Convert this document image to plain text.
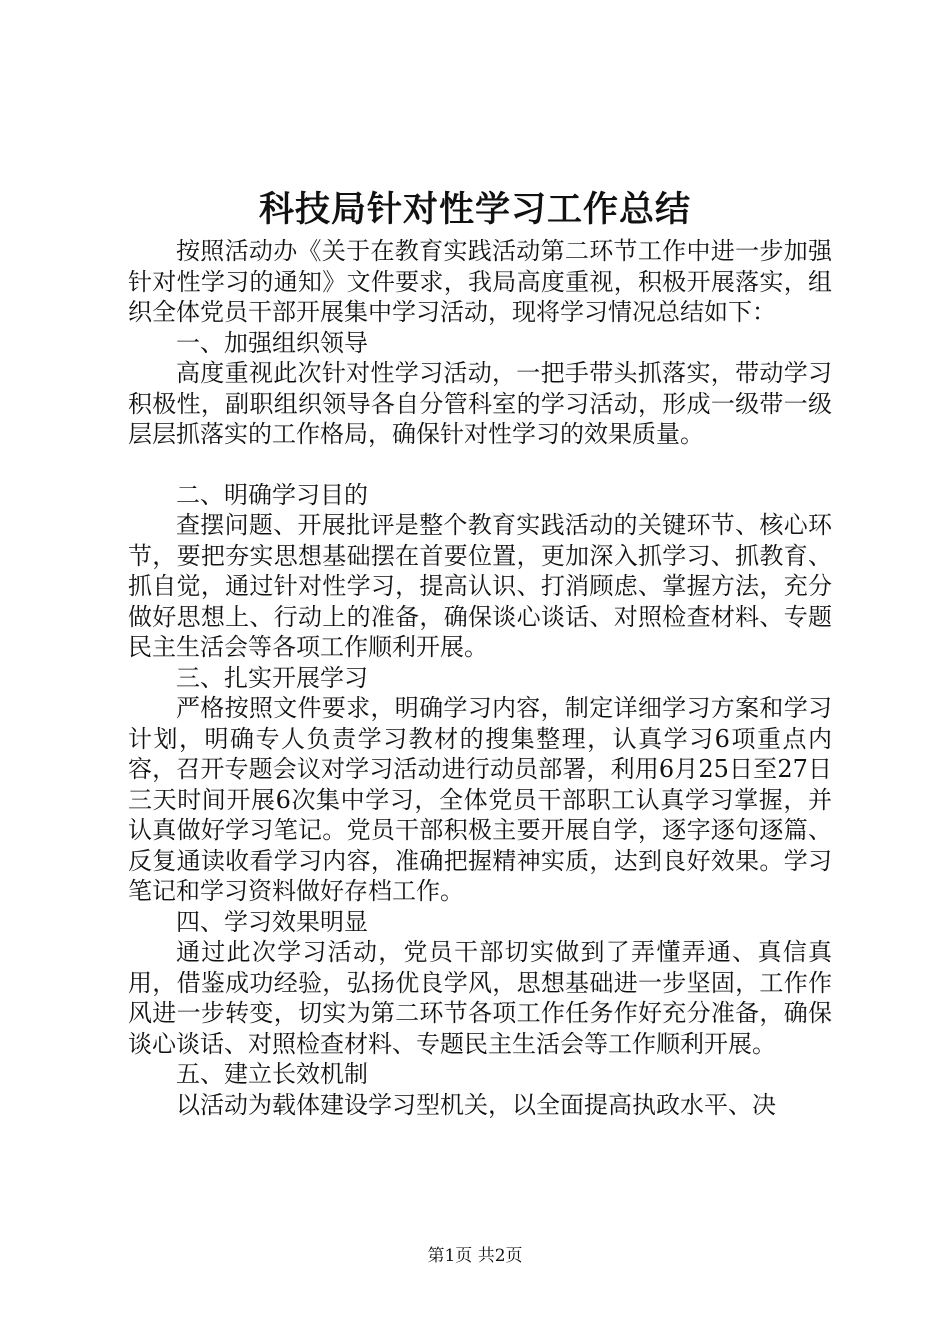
科技局针对性学习工作总结

按照活动办《关于在教育实践活动第二环节工作中进一步加强针对性学习的通知》文件要求，我局高度重视，积极开展落实，组织全体党员干部开展集中学习活动，现将学习情况总结如下：

一、加强组织领导

高度重视此次针对性学习活动，一把手带头抓落实，带动学习积极性，副职组织领导各自分管科室的学习活动，形成一级带一级层层抓落实的工作格局，确保针对性学习的效果质量。

二、明确学习目的

查摆问题、开展批评是整个教育实践活动的关键环节、核心环节，要把夯实思想基础摆在首要位置，更加深入抓学习、抓教育、抓自觉，通过针对性学习，提高认识、打消顾虑、掌握方法，充分做好思想上、行动上的准备，确保谈心谈话、对照检查材料、专题民主生活会等各项工作顺利开展。

三、扎实开展学习

严格按照文件要求，明确学习内容，制定详细学习方案和学习计划，明确专人负责学习教材的搜集整理，认真学习6项重点内容，召开专题会议对学习活动进行动员部署，利用6月25日至27日三天时间开展6次集中学习，全体党员干部职工认真学习掌握，并认真做好学习笔记。党员干部积极主要开展自学，逐字逐句逐篇、反复通读收看学习内容，准确把握精神实质，达到良好效果。学习笔记和学习资料做好存档工作。

四、学习效果明显

通过此次学习活动，党员干部切实做到了弄懂弄通、真信真用，借鉴成功经验，弘扬优良学风，思想基础进一步坚固，工作作风进一步转变，切实为第二环节各项工作任务作好充分准备，确保谈心谈话、对照检查材料、专题民主生活会等工作顺利开展。

五、建立长效机制

以活动为载体建设学习型机关，以全面提高执政水平、决

第1页 共2页
